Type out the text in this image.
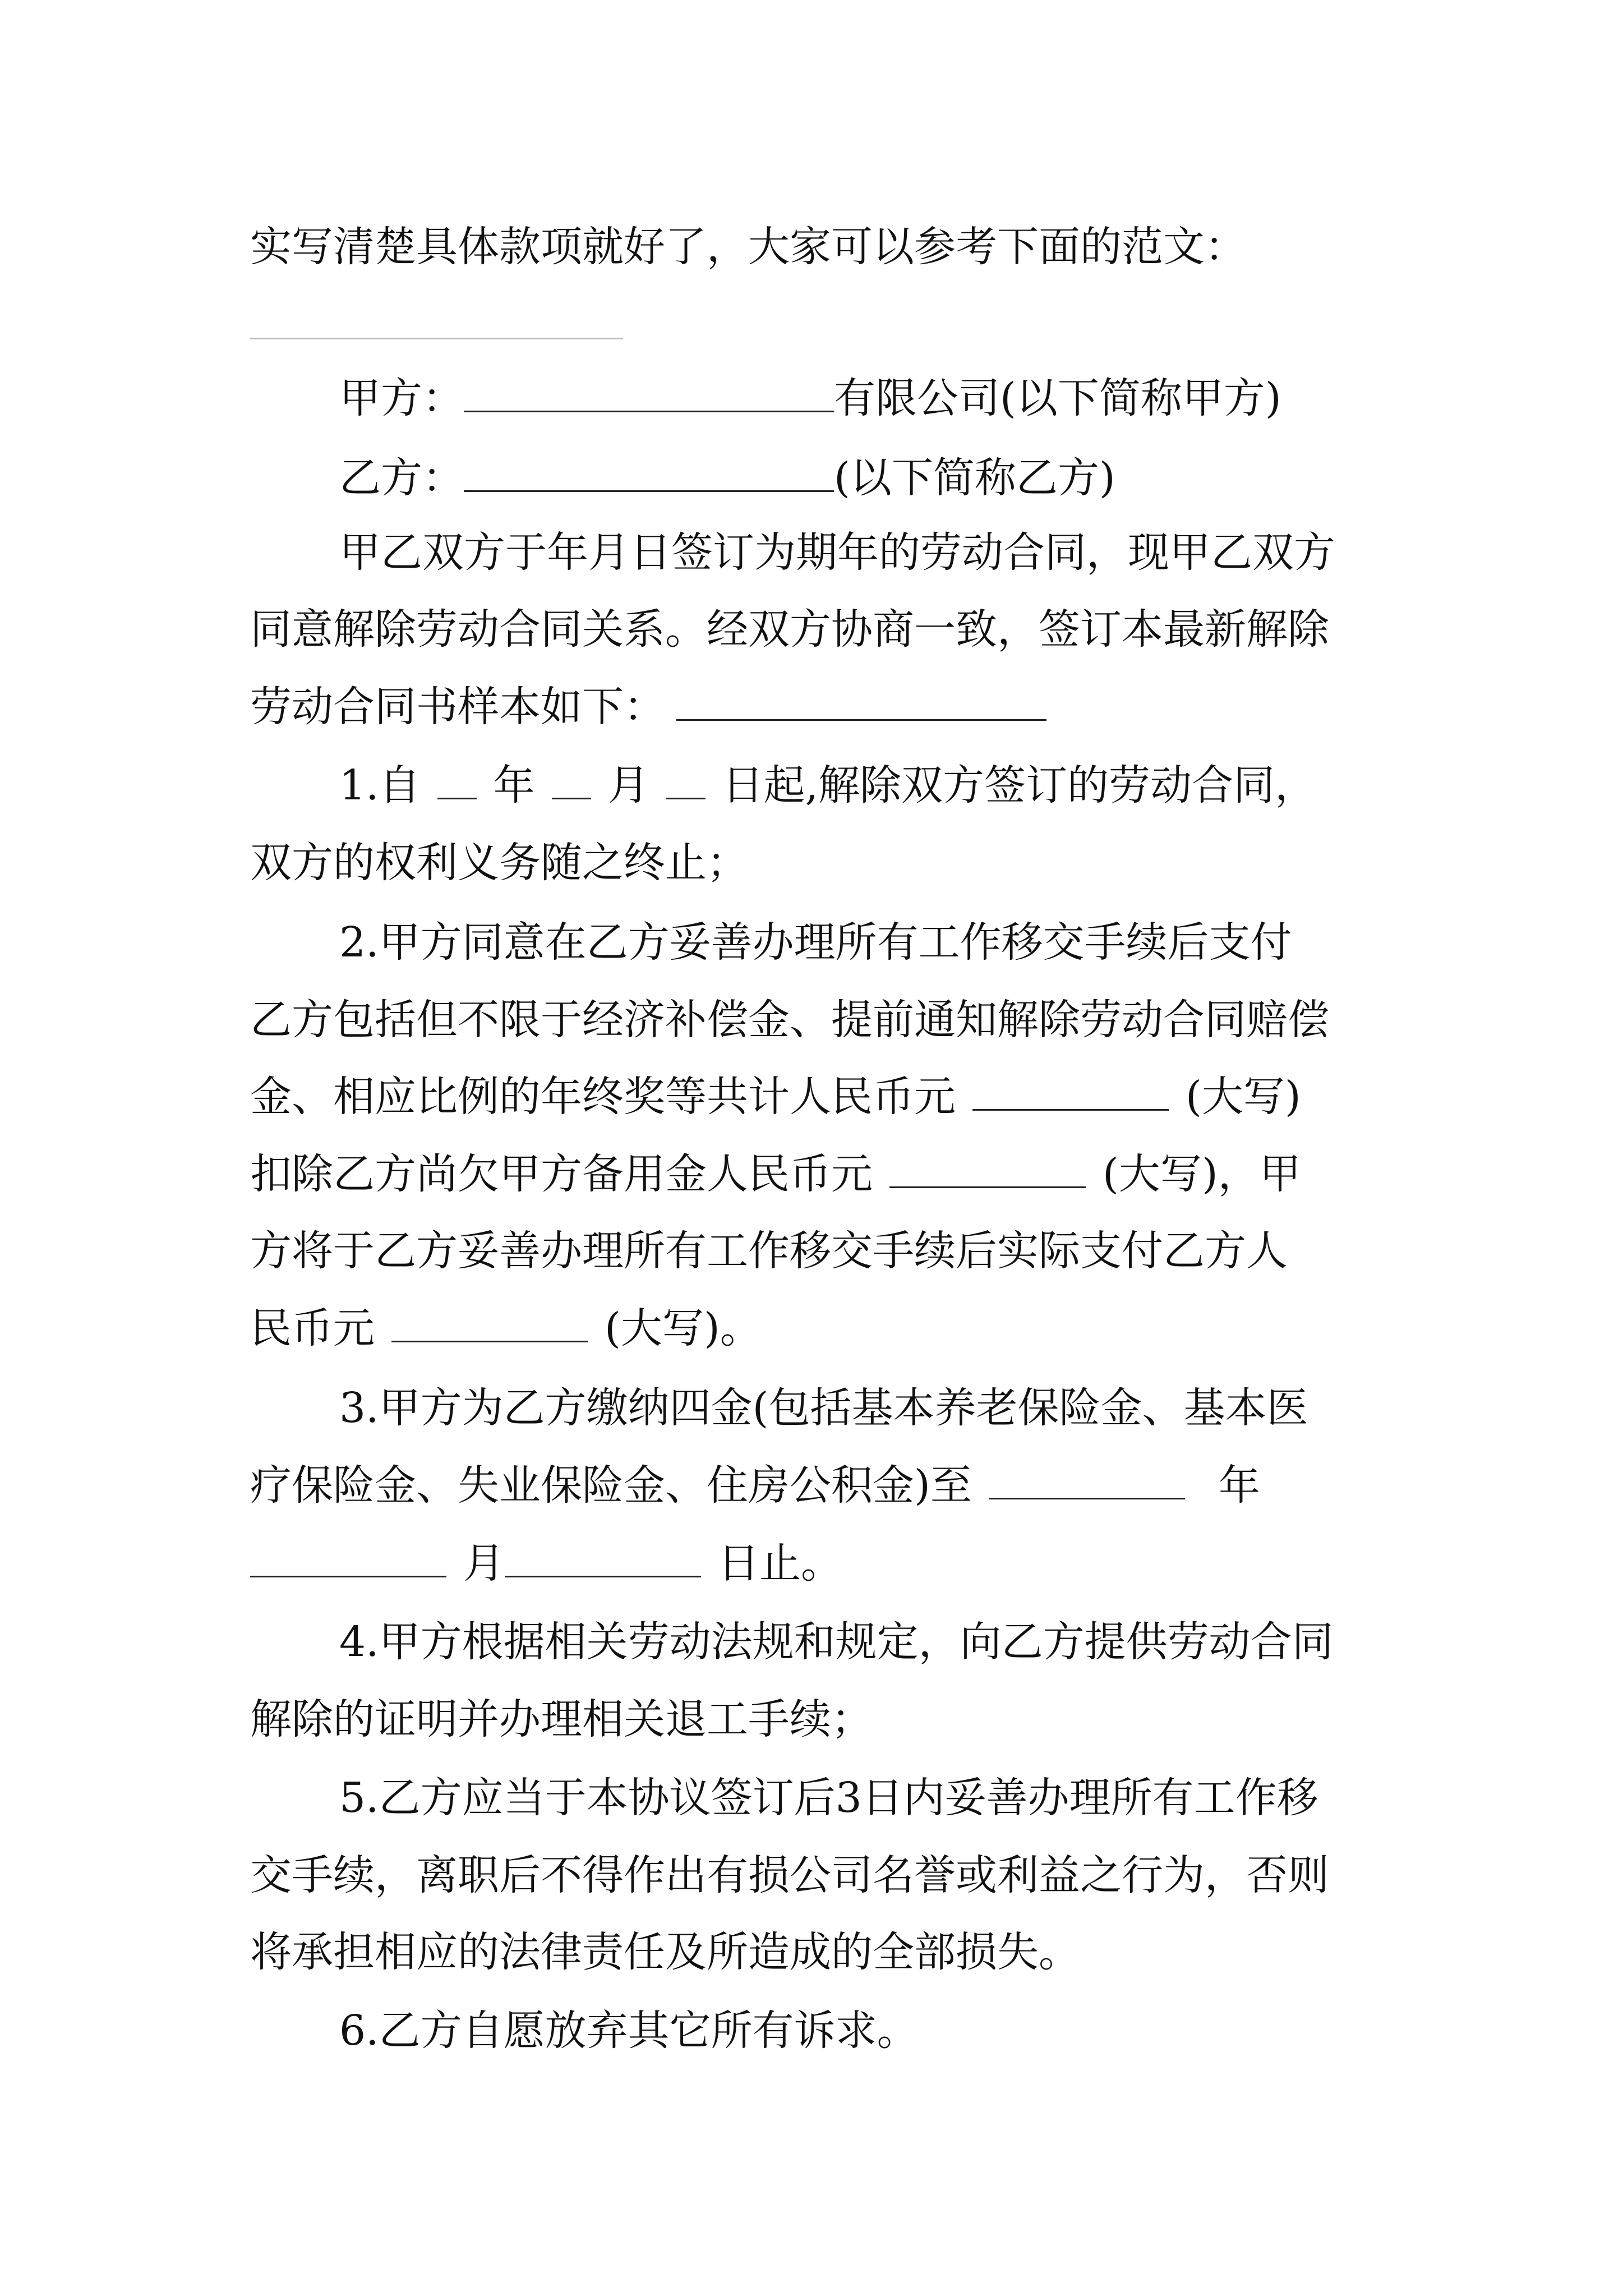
实写清楚具体款项就好了，大家可以参考下面的范文：
甲方：	有限公司(以下简称甲方)
乙方：	(以下简称乙方)
甲乙双方于年月日签订为期年的劳动合同，现甲乙双方
同意解除劳动合同关系。经双方协商一致，签订本最新解除
劳动合同书样本如下：
1.自 年 月 日起,解除双方签订的劳动合同，
双方的权利义务随之终止；
2.甲方同意在乙方妥善办理所有工作移交手续后支付
乙方包括但不限于经济补偿金、提前通知解除劳动合同赔偿
金、相应比例的年终奖等共计人民币元	(大写)
扣除乙方尚欠甲方备用金人民币元	(大写)，甲
方将于乙方妥善办理所有工作移交手续后实际支付乙方人
民币元	(大写)。
3.甲方为乙方缴纳四金(包括基本养老保险金、基本医
疗保险金、失业保险金、住房公积金)至	年
月	日止。
4.甲方根据相关劳动法规和规定，向乙方提供劳动合同
解除的证明并办理相关退工手续；
5.乙方应当于本协议签订后3日内妥善办理所有工作移
交手续，离职后不得作出有损公司名誉或利益之行为，否则
将承担相应的法律责任及所造成的全部损失。
6.乙方自愿放弃其它所有诉求。
